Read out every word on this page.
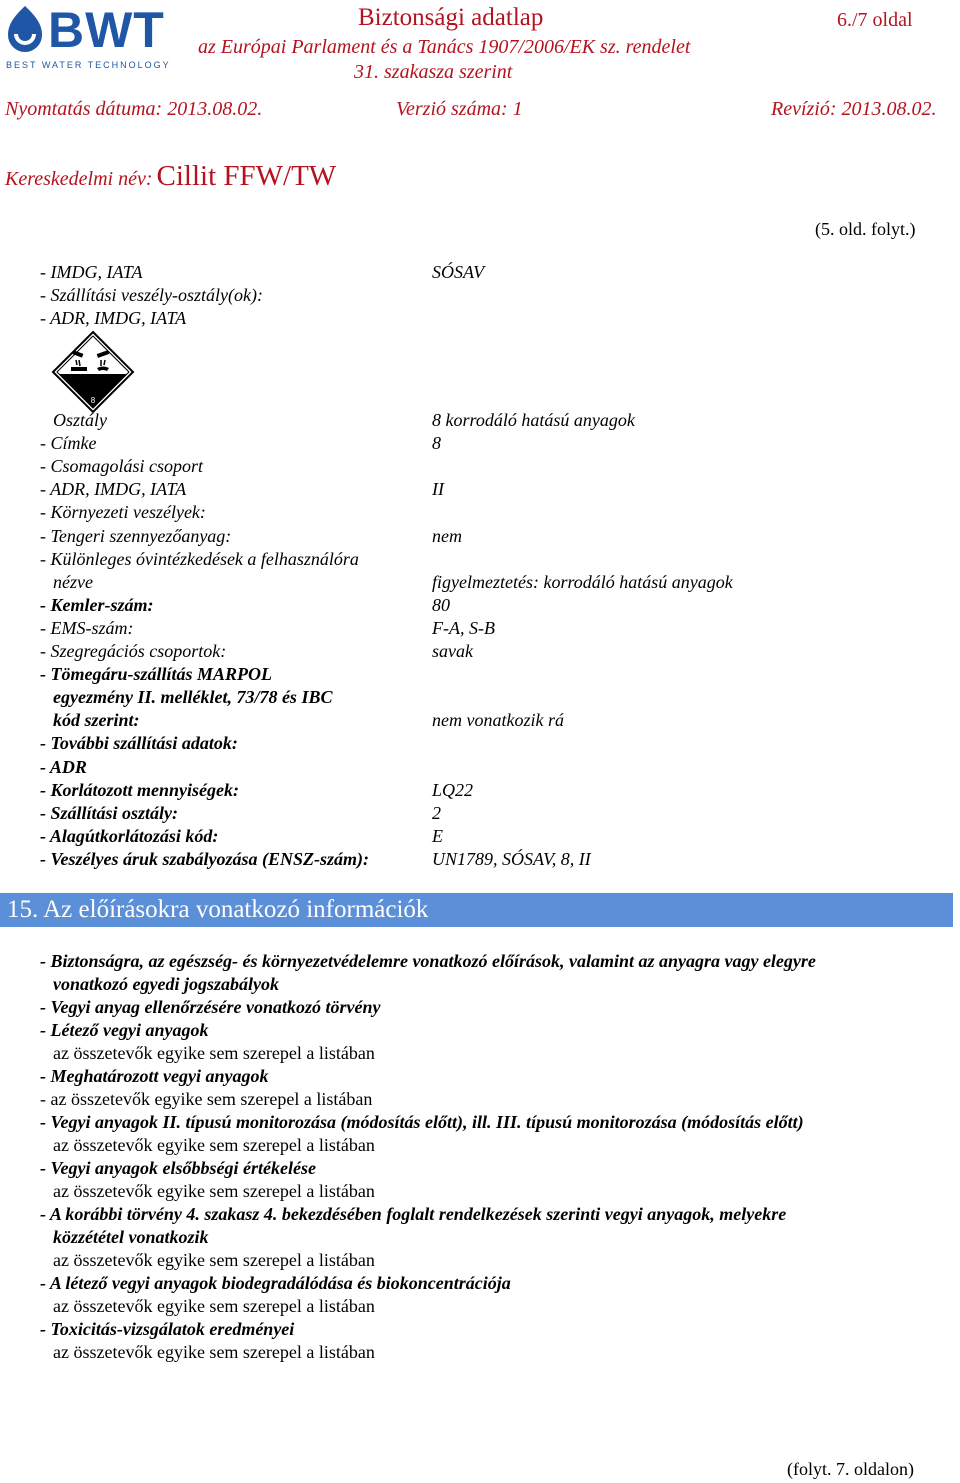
BWT
BEST WATER TECHNOLOGY
Biztonsági adatlap	6./7 oldal
az Európai Parlament és a Tanács 1907/2006/EK sz. rendelet
31. szakasza szerint
Nyomtatás dátuma: 2013.08.02.	Verzió száma: 1	Revízió: 2013.08.02.
Kereskedelmi név: Cillit FFW/TW
(5. old. folyt.)
- IMDG, IATA	SÓSAV
- Szállítási veszély-osztály(ok):
- ADR, IMDG, IATA
8
Osztály	8 korrodáló hatású anyagok
- Címke	8
- Csomagolási csoport
- ADR, IMDG, IATA	II
- Környezeti veszélyek:
- Tengeri szennyezőanyag:	nem
- Különleges óvintézkedések a felhasználóra
nézve	figyelmeztetés: korrodáló hatású anyagok
- Kemler-szám:	80
- EMS-szám:	F-A, S-B
- Szegregációs csoportok:	savak
- Tömegáru-szállítás MARPOL
egyezmény II. melléklet, 73/78 és IBC
kód szerint:	nem vonatkozik rá
- További szállítási adatok:
- ADR
- Korlátozott mennyiségek:	LQ22
- Szállítási osztály:	2
- Alagútkorlátozási kód:	E
- Veszélyes áruk szabályozása (ENSZ-szám):	UN1789, SÓSAV, 8, II
15. Az előírásokra vonatkozó információk
- Biztonságra, az egészség- és környezetvédelemre vonatkozó előírások, valamint az anyagra vagy elegyre
vonatkozó egyedi jogszabályok
- Vegyi anyag ellenőrzésére vonatkozó törvény
- Létező vegyi anyagok
az összetevők egyike sem szerepel a listában
- Meghatározott vegyi anyagok
- az összetevők egyike sem szerepel a listában
- Vegyi anyagok II. típusú monitorozása (módosítás előtt), ill. III. típusú monitorozása (módosítás előtt)
az összetevők egyike sem szerepel a listában
- Vegyi anyagok elsőbbségi értékelése
az összetevők egyike sem szerepel a listában
- A korábbi törvény 4. szakasz 4. bekezdésében foglalt rendelkezések szerinti vegyi anyagok, melyekre
közzététel vonatkozik
az összetevők egyike sem szerepel a listában
- A létező vegyi anyagok biodegradálódása és biokoncentrációja
az összetevők egyike sem szerepel a listában
- Toxicitás-vizsgálatok eredményei
az összetevők egyike sem szerepel a listában
(folyt. 7. oldalon)
